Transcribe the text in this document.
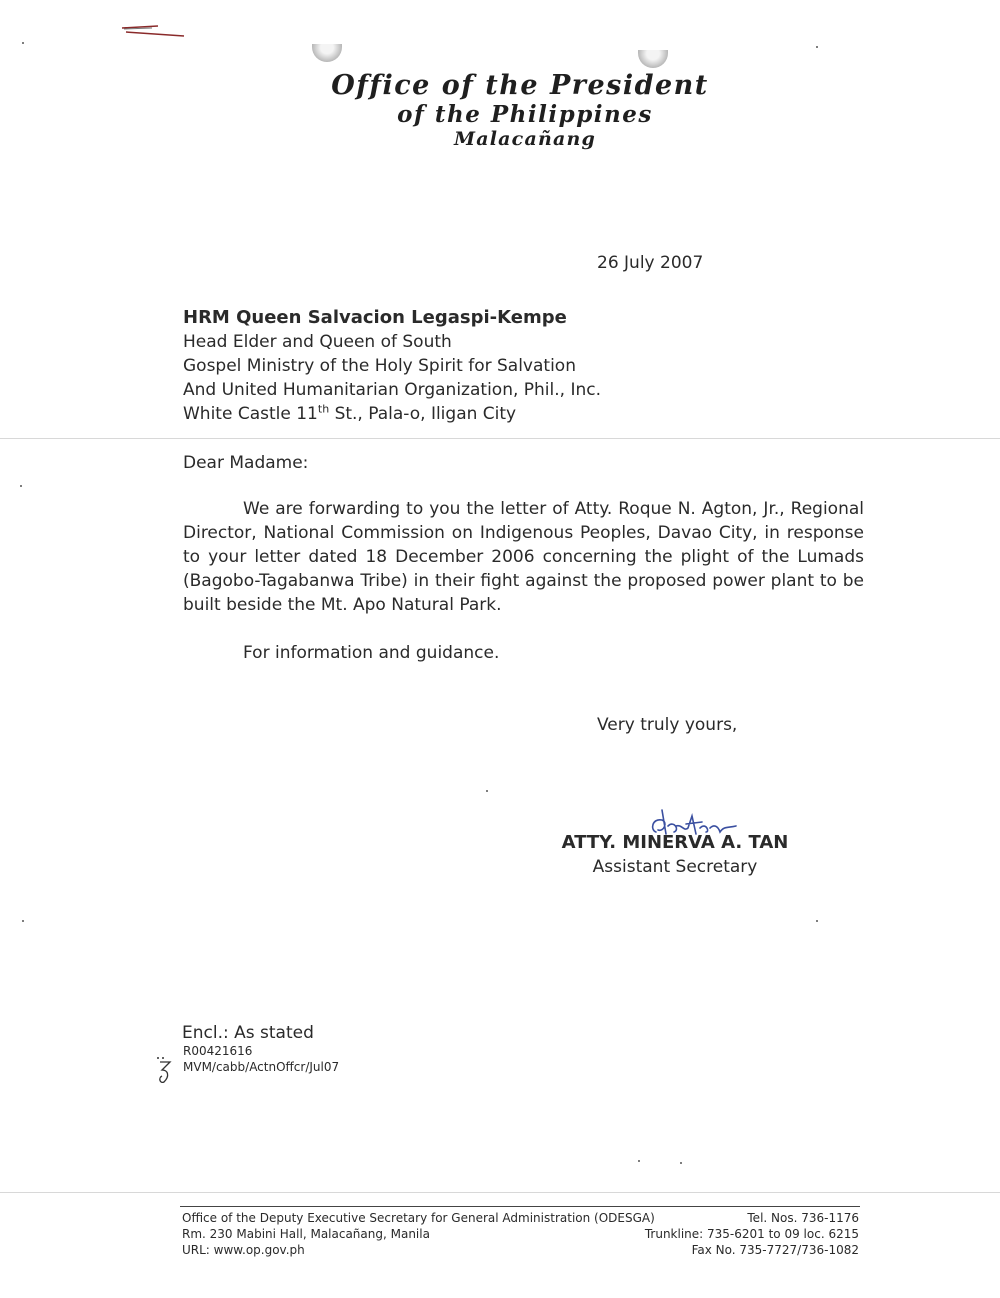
Office of the President
of the Philippines
Malacañang
26 July 2007
HRM Queen Salvacion Legaspi-Kempe
Head Elder and Queen of South
Gospel Ministry of the Holy Spirit for Salvation
And United Humanitarian Organization, Phil., Inc.
White Castle 11th St., Pala-o, Iligan City
Dear Madame:
We are forwarding to you the letter of Atty. Roque N. Agton, Jr., Regional Director, National Commission on Indigenous Peoples, Davao City, in response to your letter dated 18 December 2006 concerning the plight of the Lumads (Bagobo-Tagabanwa Tribe) in their fight against the proposed power plant to be built beside the Mt. Apo Natural Park.
For information and guidance.
Very truly yours,
ATTY. MINERVA A. TAN
Assistant Secretary
Encl.: As stated
R00421616
MVM/cabb/ActnOffcr/Jul07
Office of the Deputy Executive Secretary for General Administration (ODESGA)
Rm. 230 Mabini Hall, Malacañang, Manila
URL: www.op.gov.ph
Tel. Nos. 736-1176
Trunkline: 735-6201 to 09 loc. 6215
Fax No. 735-7727/736-1082
